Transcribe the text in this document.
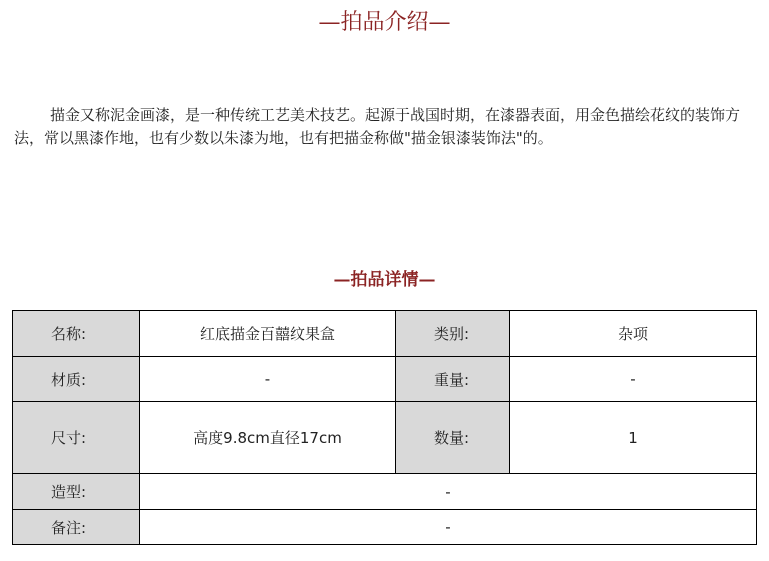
—拍品介绍—

描金又称泥金画漆，是一种传统工艺美术技艺。起源于战国时期，在漆器表面，用金色描绘花纹的装饰方法，常以黑漆作地，也有少数以朱漆为地，也有把描金称做"描金银漆装饰法"的。

—拍品详情—
名称:	红底描金百囍纹果盒	类别:	杂项
材质:	-	重量:	-
尺寸:	高度9.8cm直径17cm	数量:	1
造型:	-		
备注:	-		
